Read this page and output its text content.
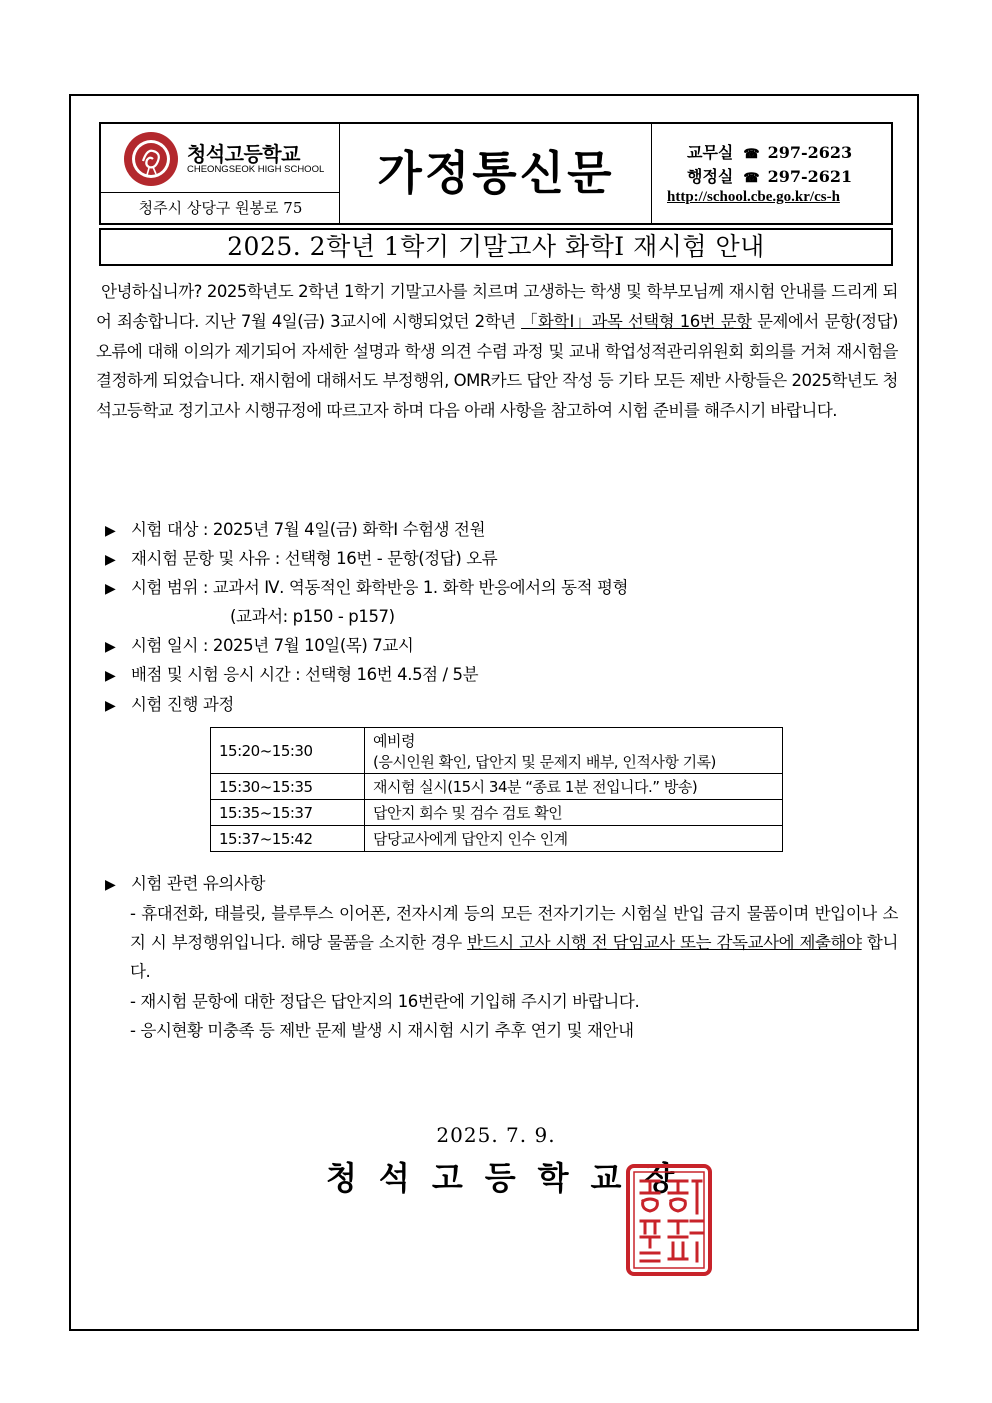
청석고등학교
CHEONGSEOK HIGH SCHOOL
청주시 상당구 원봉로 75
가정통신문	교무실 ☎ 297-2623
행정실 ☎ 297-2621
http://school.cbe.go.kr/cs-h
2025. 2학년 1학기 기말고사 화학Ⅰ 재시험 안내
안녕하십니까? 2025학년도 2학년 1학기 기말고사를 치르며 고생하는 학생 및 학부모님께 재시험 안내를 드리게 되어 죄송합니다. 지난 7월 4일(금) 3교시에 시행되었던 2학년 「화학Ⅰ」과목 선택형 16번 문항 문제에서 문항(정답)오류에 대해 이의가 제기되어 자세한 설명과 학생 의견 수렴 과정 및 교내 학업성적관리위원회 회의를 거쳐 재시험을 결정하게 되었습니다. 재시험에 대해서도 부정행위, OMR카드 답안 작성 등 기타 모든 제반 사항들은 2025학년도 청석고등학교 정기고사 시행규정에 따르고자 하며 다음 아래 사항을 참고하여 시험 준비를 해주시기 바랍니다.
▶ 시험 대상 : 2025년 7월 4일(금) 화학Ⅰ 수험생 전원
▶ 재시험 문항 및 사유 : 선택형 16번 - 문항(정답) 오류
▶ 시험 범위 : 교과서 Ⅳ. 역동적인 화학반응 1. 화학 반응에서의 동적 평형
(교과서: p150 - p157)
▶ 시험 일시 : 2025년 7월 10일(목) 7교시
▶ 배점 및 시험 응시 시간 : 선택형 16번 4.5점 / 5분
▶ 시험 진행 과정
15:20~15:30	예비령
(응시인원 확인, 답안지 및 문제지 배부, 인적사항 기록)

15:30~15:35	재시험 실시(15시 34분 “종료 1분 전입니다.” 방송)
15:35~15:37	답안지 회수 및 검수 검토 확인
15:37~15:42	담당교사에게 답안지 인수 인계
▶ 시험 관련 유의사항
- 휴대전화, 태블릿, 블루투스 이어폰, 전자시계 등의 모든 전자기기는 시험실 반입 금지 물품이며 반입이나 소지 시 부정행위입니다. 해당 물품을 소지한 경우 반드시 고사 시행 전 담임교사 또는 감독교사에 제출해야 합니다.
- 재시험 문항에 대한 정답은 답안지의 16번란에 기입해 주시기 바랍니다.
- 응시현황 미충족 등 제반 문제 발생 시 재시험 시기 추후 연기 및 재안내
2025. 7. 9.
청석고등학교장
